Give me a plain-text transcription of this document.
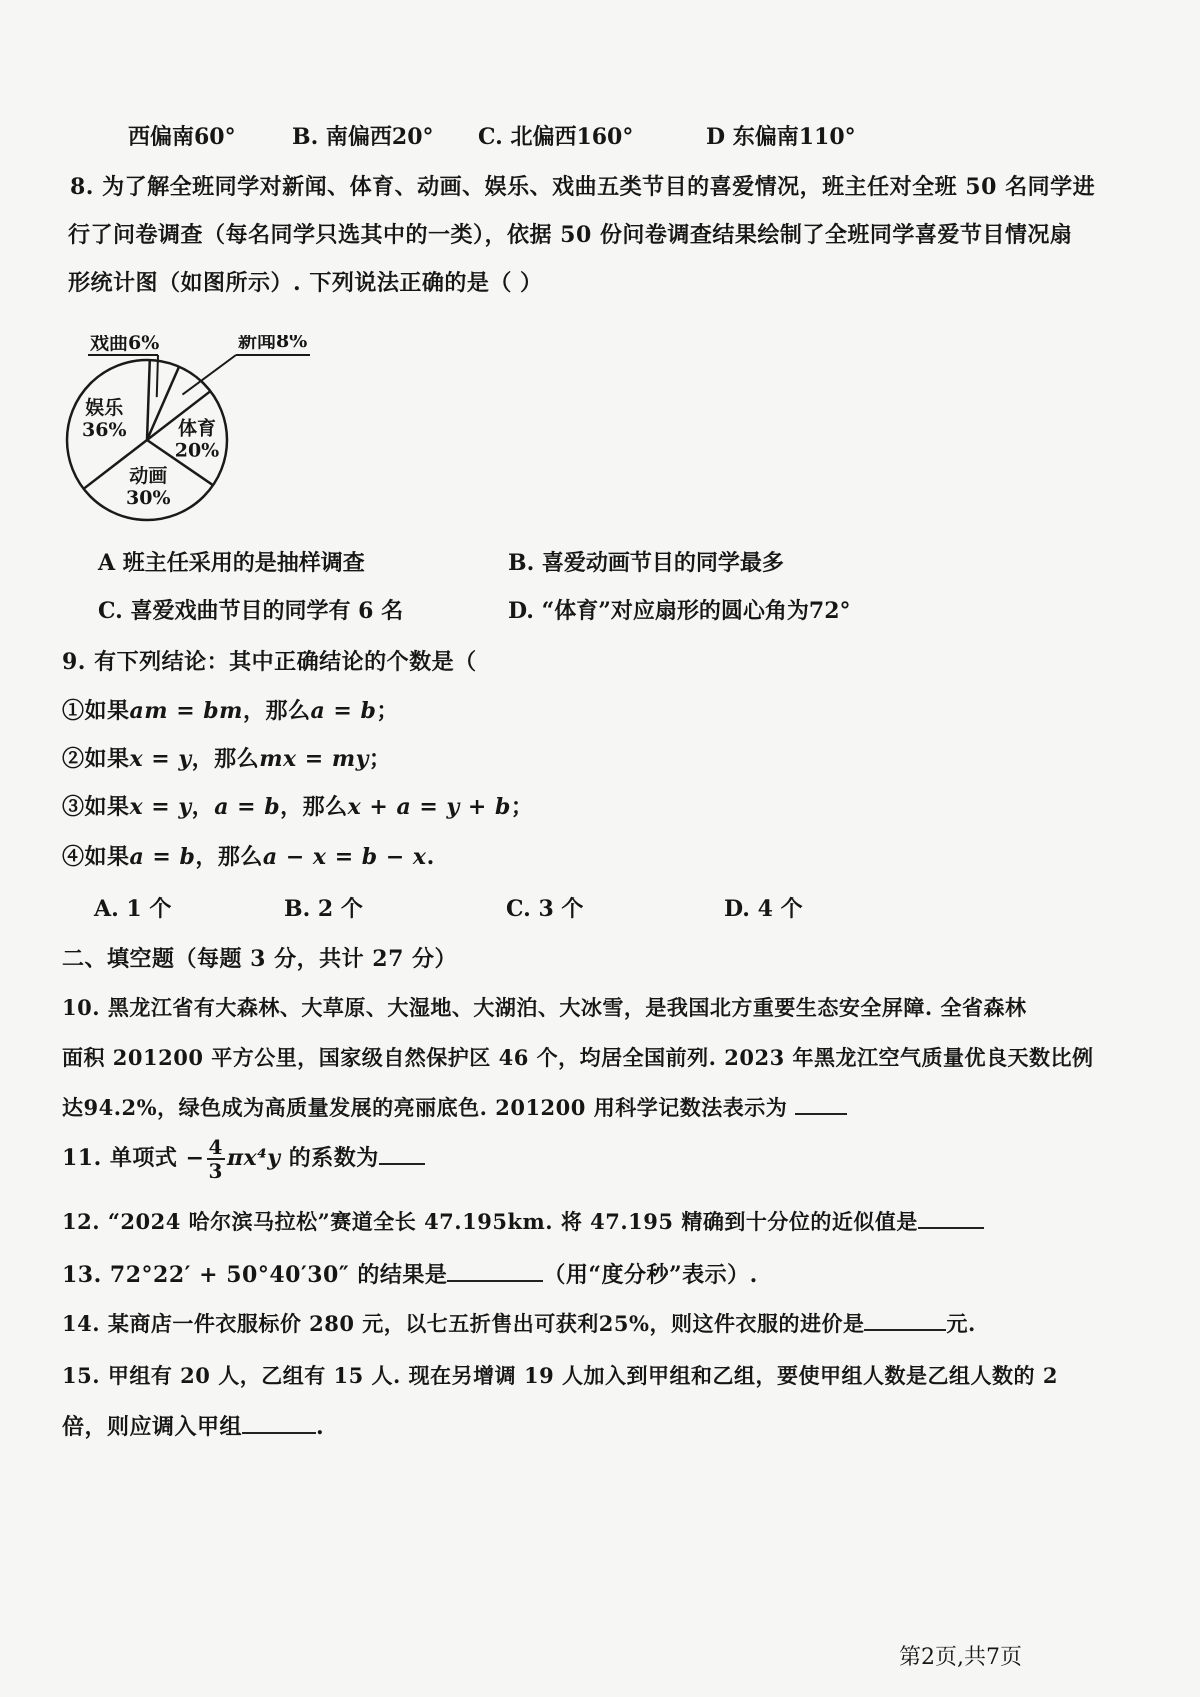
西偏南60°	B. 南偏西20° C. 北偏西160°	D 东偏南110°
8. 为了解全班同学对新闻、体育、动画、娱乐、戏曲五类节目的喜爱情况，班主任对全班 50 名同学进
行了问卷调查（每名同学只选其中的一类），依据 50 份问卷调查结果绘制了全班同学喜爱节目情况扇
形统计图（如图所示）. 下列说法正确的是（ ）
娱乐
36%	体育
20%
动画
30%
戏曲6%	新闻8%
A 班主任采用的是抽样调查	B. 喜爱动画节目的同学最多
C. 喜爱戏曲节目的同学有 6 名	D. “体育”对应扇形的圆心角为72°
9. 有下列结论：其中正确结论的个数是（
①如果am = bm，那么a = b；
②如果x = y，那么mx = my；
③如果x = y，a = b，那么x + a = y + b；
④如果a = b，那么a − x = b − x.
A. 1 个	B. 2 个	C. 3 个	D. 4 个
二、填空题（每题 3 分，共计 27 分）
10. 黑龙江省有大森林、大草原、大湿地、大湖泊、大冰雪，是我国北方重要生态安全屏障. 全省森林
面积 201200 平方公里，国家级自然保护区 46 个，均居全国前列. 2023 年黑龙江空气质量优良天数比例
达94.2%，绿色成为高质量发展的亮丽底色. 201200 用科学记数法表示为
11. 单项式 − $\frac{4}{3} \pi x^4y$ 的系数为
12. “2024 哈尔滨马拉松”赛道全长 47.195km. 将 47.195 精确到十分位的近似值是
13. 72°22′ + 50°40′30″ 的结果是	（用“度分秒”表示）.
14. 某商店一件衣服标价 280 元，以七五折售出可获利25%，则这件衣服的进价是	元.
15. 甲组有 20 人，乙组有 15 人. 现在另增调 19 人加入到甲组和乙组，要使甲组人数是乙组人数的 2
倍，则应调入甲组	.
第2页,共7页
